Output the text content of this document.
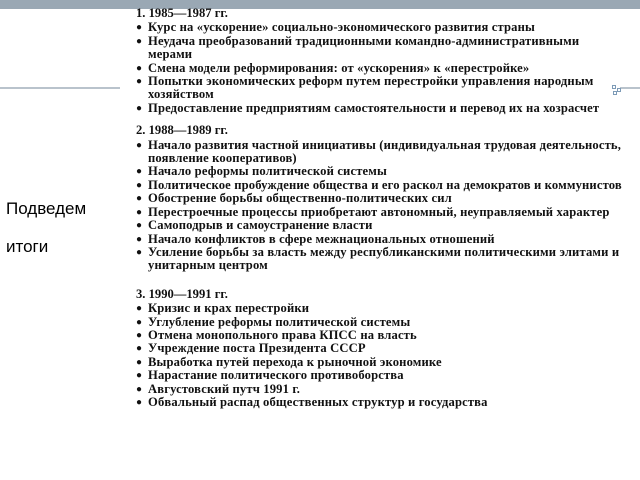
Подведем
итоги
1. 1985—1987 гг.
● Курс на «ускорение» социально-экономического развития страны
● Неудача преобразований традиционными командно-административными мерами
● Смена модели реформирования: от «ускорения» к «перестройке»
● Попытки экономических реформ путем перестройки управления народным хозяйством
● Предоставление предприятиям самостоятельности и перевод их на хозрасчет
2. 1988—1989 гг.
● Начало развития частной инициативы (индивидуальная трудовая деятельность, появление кооперативов)
● Начало реформы политической системы
● Политическое пробуждение общества и его раскол на демократов и коммунистов
● Обострение борьбы общественно-политических сил
● Перестроечные процессы приобретают автономный, неуправляемый характер
● Самоподрыв и самоустранение власти
● Начало конфликтов в сфере межнациональных отношений
● Усиление борьбы за власть между республиканскими политическими элитами и унитарным центром
3. 1990—1991 гг.
● Кризис и крах перестройки
● Углубление реформы политической системы
● Отмена монопольного права КПСС на власть
● Учреждение поста Президента СССР
● Выработка путей перехода к рыночной экономике
● Нарастание политического противоборства
● Августовский путч 1991 г.
● Обвальный распад общественных структур и государства
